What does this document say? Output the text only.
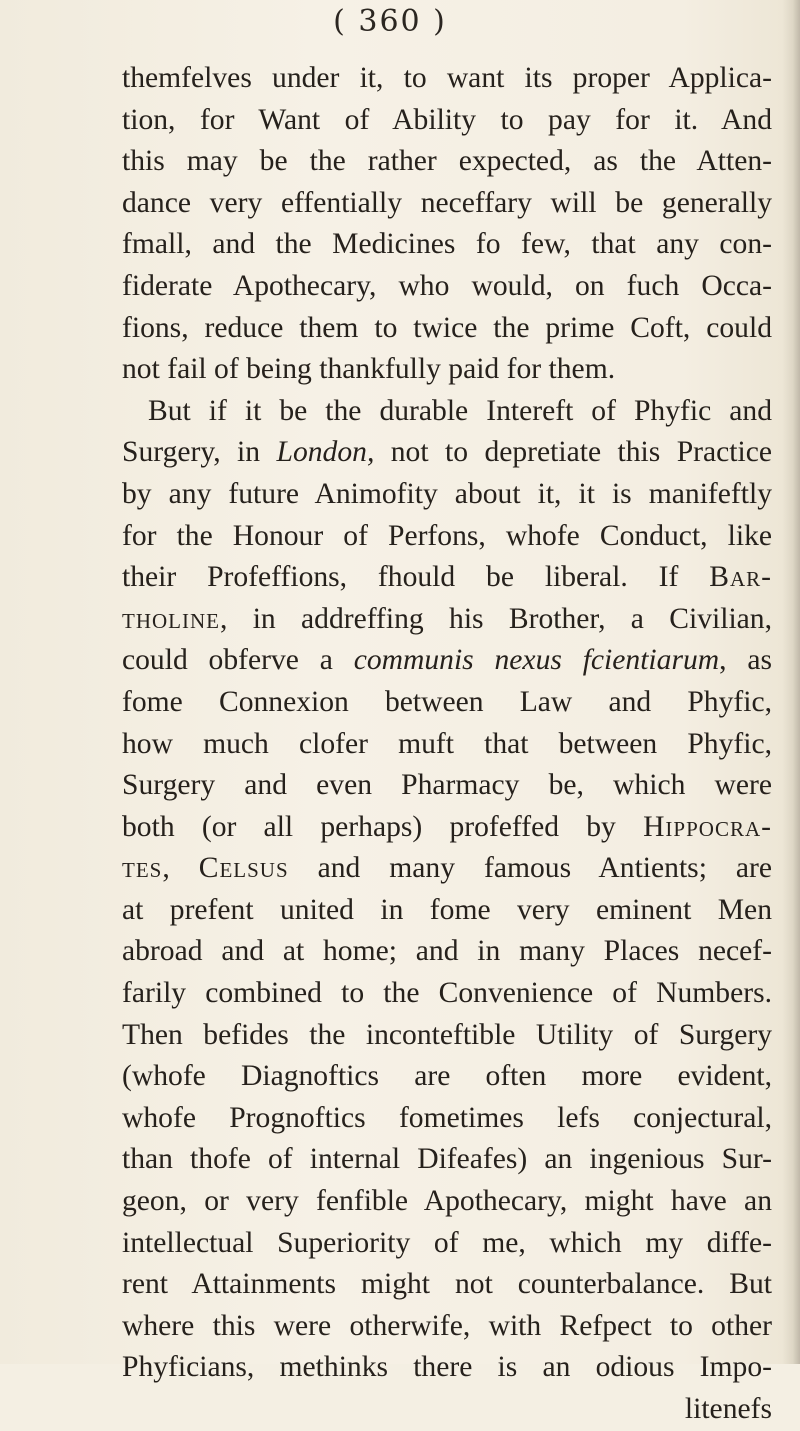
( 360 )
themfelves under it, to want its proper Applica-
tion, for Want of Ability to pay for it. And
this may be the rather expected, as the Atten-
dance very effentially neceffary will be generally
fmall, and the Medicines fo few, that any con-
fiderate Apothecary, who would, on fuch Occa-
fions, reduce them to twice the prime Coft, could
not fail of being thankfully paid for them.
But if it be the durable Intereft of Phyfic and
Surgery, in London, not to depretiate this Practice
by any future Animofity about it, it is manifeftly
for the Honour of Perfons, whofe Conduct, like
their Profeffions, fhould be liberal. If Bar-
tholine, in addreffing his Brother, a Civilian,
could obferve a communis nexus fcientiarum, as
fome Connexion between Law and Phyfic,
how much clofer muft that between Phyfic,
Surgery and even Pharmacy be, which were
both (or all perhaps) profeffed by Hippocra-
tes, Celsus and many famous Antients; are
at prefent united in fome very eminent Men
abroad and at home; and in many Places necef-
farily combined to the Convenience of Numbers.
Then befides the inconteftible Utility of Surgery
(whofe Diagnoftics are often more evident,
whofe Prognoftics fometimes lefs conjectural,
than thofe of internal Difeafes) an ingenious Sur-
geon, or very fenfible Apothecary, might have an
intellectual Superiority of me, which my diffe-
rent Attainments might not counterbalance. But
where this were otherwife, with Refpect to other
Phyficians, methinks there is an odious Impo-
litenefs
